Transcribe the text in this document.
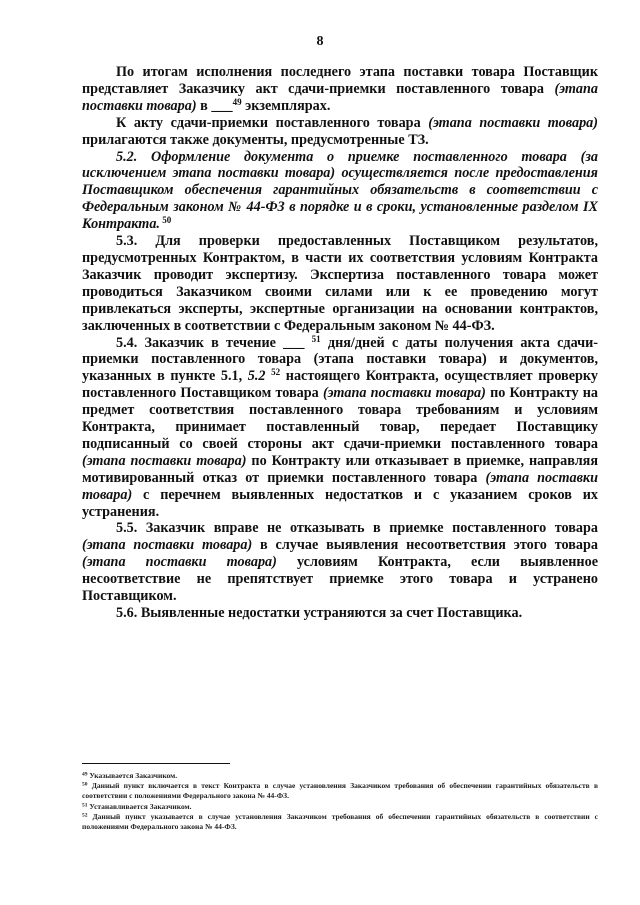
8

По итогам исполнения последнего этапа поставки товара Поставщик представляет Заказчику акт сдачи-приемки поставленного товара (этапа поставки товара) в ___$^{49}$ экземплярах.

К акту сдачи-приемки поставленного товара (этапа поставки товара) прилагаются также документы, предусмотренные ТЗ.

5.2. Оформление документа о приемке поставленного товара (за исключением этапа поставки товара) осуществляется после предоставления Поставщиком обеспечения гарантийных обязательств в соответствии с Федеральным законом № 44-ФЗ в порядке и в сроки, установленные разделом IX Контракта. $^{50}$

5.3. Для проверки предоставленных Поставщиком результатов, предусмотренных Контрактом, в части их соответствия условиям Контракта Заказчик проводит экспертизу. Экспертиза поставленного товара может проводиться Заказчиком своими силами или к ее проведению могут привлекаться эксперты, экспертные организации на основании контрактов, заключенных в соответствии с Федеральным законом № 44-ФЗ.

5.4. Заказчик в течение ___ $^{51}$ дня/дней с даты получения акта сдачи-приемки поставленного товара (этапа поставки товара) и документов, указанных в пункте 5.1, 5.2 $^{52}$ настоящего Контракта, осуществляет проверку поставленного Поставщиком товара (этапа поставки товара) по Контракту на предмет соответствия поставленного товара требованиям и условиям Контракта, принимает поставленный товар, передает Поставщику подписанный со своей стороны акт сдачи-приемки поставленного товара (этапа поставки товара) по Контракту или отказывает в приемке, направляя мотивированный отказ от приемки поставленного товара (этапа поставки товара) с перечнем выявленных недостатков и с указанием сроков их устранения.

5.5. Заказчик вправе не отказывать в приемке поставленного товара (этапа поставки товара) в случае выявления несоответствия этого товара (этапа поставки товара) условиям Контракта, если выявленное несоответствие не препятствует приемке этого товара и устранено Поставщиком.

5.6. Выявленные недостатки устраняются за счет Поставщика.

$^{49}$ Указывается Заказчиком.

$^{50}$ Данный пункт включается в текст Контракта в случае установления Заказчиком требования об обеспечении гарантийных обязательств в соответствии с положениями Федерального закона № 44-ФЗ.

$^{51}$ Устанавливается Заказчиком.

$^{52}$ Данный пункт указывается в случае установления Заказчиком требования об обеспечении гарантийных обязательств в соответствии с положениями Федерального закона № 44-ФЗ.
